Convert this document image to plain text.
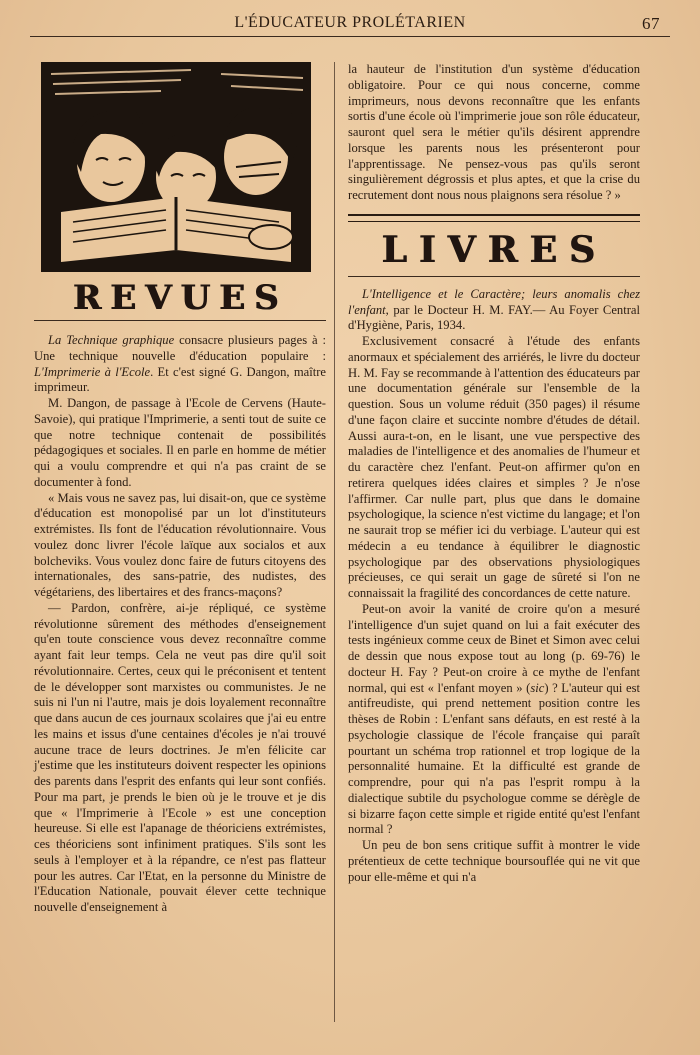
L'ÉDUCATEUR PROLÉTARIEN	67
REVUES

La Technique graphique consacre plusieurs pages à : Une technique nouvelle d'éducation populaire : L'Imprimerie à l'Ecole. Et c'est signé G. Dangon, maître imprimeur.

M. Dangon, de passage à l'Ecole de Cervens (Haute-Savoie), qui pratique l'Imprimerie, a senti tout de suite ce que notre technique contenait de possibilités pédagogiques et sociales. Il en parle en homme de métier qui a voulu comprendre et qui n'a pas craint de se documenter à fond.

« Mais vous ne savez pas, lui disait-on, que ce système d'éducation est monopolisé par un lot d'instituteurs extrémistes. Ils font de l'éducation révolutionnaire. Vous voulez donc livrer l'école laïque aux socialos et aux bolcheviks. Vous voulez donc faire de futurs citoyens des internationales, des sans-patrie, des nudistes, des végétariens, des libertaires et des francs-maçons?

— Pardon, confrère, ai-je répliqué, ce système révolutionne sûrement des méthodes d'enseignement qu'en toute conscience vous devez reconnaître comme ayant fait leur temps. Cela ne veut pas dire qu'il soit révolutionnaire. Certes, ceux qui le préconisent et tentent de le développer sont marxistes ou communistes. Je ne suis ni l'un ni l'autre, mais je dois loyalement reconnaître que dans aucun de ces journaux scolaires que j'ai eu entre les mains et issus d'une centaines d'écoles je n'ai trouvé aucune trace de leurs doctrines. Je m'en félicite car j'estime que les instituteurs doivent respecter les opinions des parents dans l'esprit des enfants qui leur sont confiés. Pour ma part, je prends le bien où je le trouve et je dis que « l'Imprimerie à l'Ecole » est une conception heureuse. Si elle est l'apanage de théoriciens extrémistes, ces théoriciens sont infiniment pratiques. S'ils sont les seuls à l'employer et à la répandre, ce n'est pas flatteur pour les autres. Car l'Etat, en la personne du Ministre de l'Education Nationale, pouvait élever cette technique nouvelle d'enseignement à

la hauteur de l'institution d'un système d'éducation obligatoire. Pour ce qui nous concerne, comme imprimeurs, nous devons reconnaître que les enfants sortis d'une école où l'imprimerie joue son rôle éducateur, sauront quel sera le métier qu'ils désirent apprendre lorsque les parents nous les présenteront pour l'apprentissage. Ne pensez-vous pas qu'ils seront singulièrement dégrossis et plus aptes, et que la crise du recrutement dont nous nous plaignons sera résolue ? »

LIVRES

L'Intelligence et le Caractère; leurs anomalis chez l'enfant, par le Docteur H. M. FAY.— Au Foyer Central d'Hygiène, Paris, 1934.

Exclusivement consacré à l'étude des enfants anormaux et spécialement des arriérés, le livre du docteur H. M. Fay se recommande à l'attention des éducateurs par une documentation générale sur l'ensemble de la question. Sous un volume réduit (350 pages) il résume d'une façon claire et succinte nombre d'études de détail. Aussi aura-t-on, en le lisant, une vue perspective des maladies de l'intelligence et des anomalies de l'humeur et du caractère chez l'enfant. Peut-on affirmer qu'on en retirera quelques idées claires et simples ? Je n'ose l'affirmer. Car nulle part, plus que dans le domaine psychologique, la science n'est victime du langage; et l'on ne saurait trop se méfier ici du verbiage. L'auteur qui est médecin a eu tendance à équilibrer le diagnostic psychologique par des observations physiologiques précieuses, ce qui serait un gage de sûreté si l'on ne connaissait la fragilité des concordances de cette nature.

Peut-on avoir la vanité de croire qu'on a mesuré l'intelligence d'un sujet quand on lui a fait exécuter des tests ingénieux comme ceux de Binet et Simon avec celui de dessin que nous expose tout au long (p. 69-76) le docteur H. Fay ? Peut-on croire à ce mythe de l'enfant normal, qui est « l'enfant moyen » (sic) ? L'auteur qui est antifreudiste, qui prend nettement position contre les thèses de Robin : L'enfant sans défauts, en est resté à la psychologie classique de l'école française qui paraît pourtant un schéma trop rationnel et trop logique de la personnalité humaine. Et la difficulté est grande de comprendre, pour qui n'a pas l'esprit rompu à la dialectique subtile du psychologue comme se dérègle de si bizarre façon cette simple et rigide entité qu'est l'enfant normal ?

Un peu de bon sens critique suffit à montrer le vide prétentieux de cette technique boursouflée qui ne vit que pour elle-même et qui n'a
